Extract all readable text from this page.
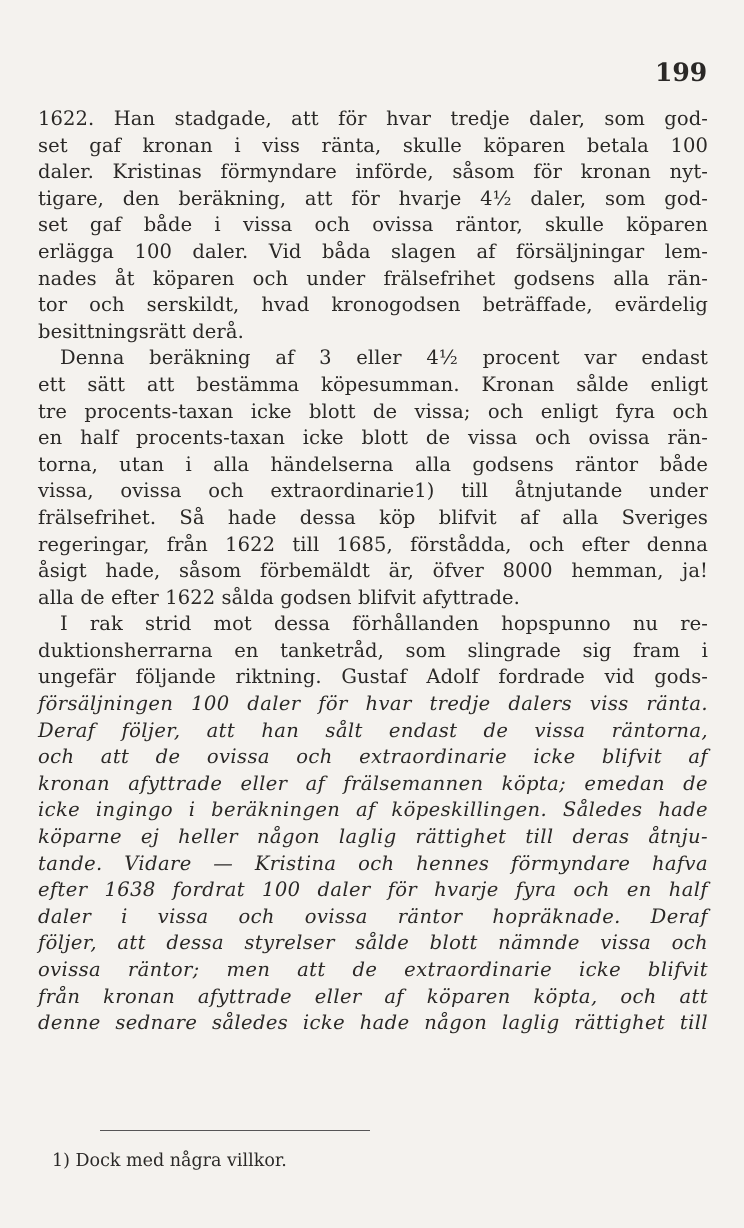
199
1622. Han stadgade, att för hvar tredje daler, som god-
set gaf kronan i viss ränta, skulle köparen betala 100
daler. Kristinas förmyndare införde, såsom för kronan nyt-
tigare, den beräkning, att för hvarje 4½ daler, som god-
set gaf både i vissa och ovissa räntor, skulle köparen
erlägga 100 daler. Vid båda slagen af försäljningar lem-
nades åt köparen och under frälsefrihet godsens alla rän-
tor och serskildt, hvad kronogodsen beträffade, evärdelig
besittningsrätt derå.
Denna beräkning af 3 eller 4½ procent var endast
ett sätt att bestämma köpesumman. Kronan sålde enligt
tre procents-taxan icke blott de vissa; och enligt fyra och
en half procents-taxan icke blott de vissa och ovissa rän-
torna, utan i alla händelserna alla godsens räntor både
vissa, ovissa och extraordinarie1) till åtnjutande under
frälsefrihet. Så hade dessa köp blifvit af alla Sveriges
regeringar, från 1622 till 1685, förstådda, och efter denna
åsigt hade, såsom förbemäldt är, öfver 8000 hemman, ja!
alla de efter 1622 sålda godsen blifvit afyttrade.
I rak strid mot dessa förhållanden hopspunno nu re-
duktionsherrarna en tanketråd, som slingrade sig fram i
ungefär följande riktning. Gustaf Adolf fordrade vid gods-
försäljningen 100 daler för hvar tredje dalers viss ränta.
Deraf följer, att han sålt endast de vissa räntorna,
och att de ovissa och extraordinarie icke blifvit af
kronan afyttrade eller af frälsemannen köpta; emedan de
icke ingingo i beräkningen af köpeskillingen. Således hade
köparne ej heller någon laglig rättighet till deras åtnju-
tande. Vidare — Kristina och hennes förmyndare hafva
efter 1638 fordrat 100 daler för hvarje fyra och en half
daler i vissa och ovissa räntor hopräknade. Deraf
följer, att dessa styrelser sålde blott nämnde vissa och
ovissa räntor; men att de extraordinarie icke blifvit
från kronan afyttrade eller af köparen köpta, och att
denne sednare således icke hade någon laglig rättighet till
1) Dock med några villkor.
